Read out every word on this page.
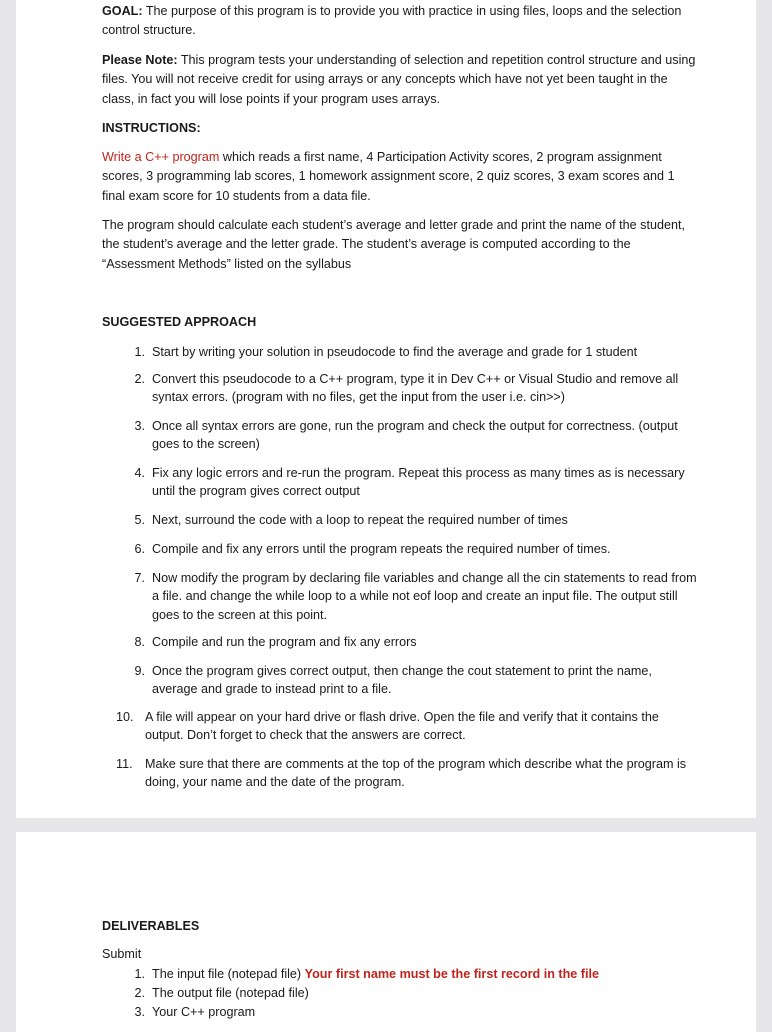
GOAL: The purpose of this program is to provide you with practice in using files, loops and the selection control structure.

Please Note: This program tests your understanding of selection and repetition control structure and using files. You will not receive credit for using arrays or any concepts which have not yet been taught in the class, in fact you will lose points if your program uses arrays.

INSTRUCTIONS:

Write a C++ program which reads a first name, 4 Participation Activity scores, 2 program assignment scores, 3 programming lab scores, 1 homework assignment score, 2 quiz scores, 3 exam scores and 1 final exam score for 10 students from a data file.

The program should calculate each student’s average and letter grade and print the name of the student, the student’s average and the letter grade. The student’s average is computed according to the “Assessment Methods” listed on the syllabus

SUGGESTED APPROACH

1. Start by writing your solution in pseudocode to find the average and grade for 1 student
2. Convert this pseudocode to a C++ program, type it in Dev C++ or Visual Studio and remove all syntax errors. (program with no files, get the input from the user i.e. cin>>)
3. Once all syntax errors are gone, run the program and check the output for correctness. (output goes to the screen)
4. Fix any logic errors and re-run the program. Repeat this process as many times as is necessary until the program gives correct output
5. Next, surround the code with a loop to repeat the required number of times
6. Compile and fix any errors until the program repeats the required number of times.
7. Now modify the program by declaring file variables and change all the cin statements to read from a file. and change the while loop to a while not eof loop and create an input file. The output still goes to the screen at this point.
8. Compile and run the program and fix any errors
9. Once the program gives correct output, then change the cout statement to print the name, average and grade to instead print to a file.
10. A file will appear on your hard drive or flash drive. Open the file and verify that it contains the output. Don’t forget to check that the answers are correct.
11. Make sure that there are comments at the top of the program which describe what the program is doing, your name and the date of the program.

DELIVERABLES

Submit

1. The input file (notepad file) Your first name must be the first record in the file
2. The output file (notepad file)
3. Your C++ program
